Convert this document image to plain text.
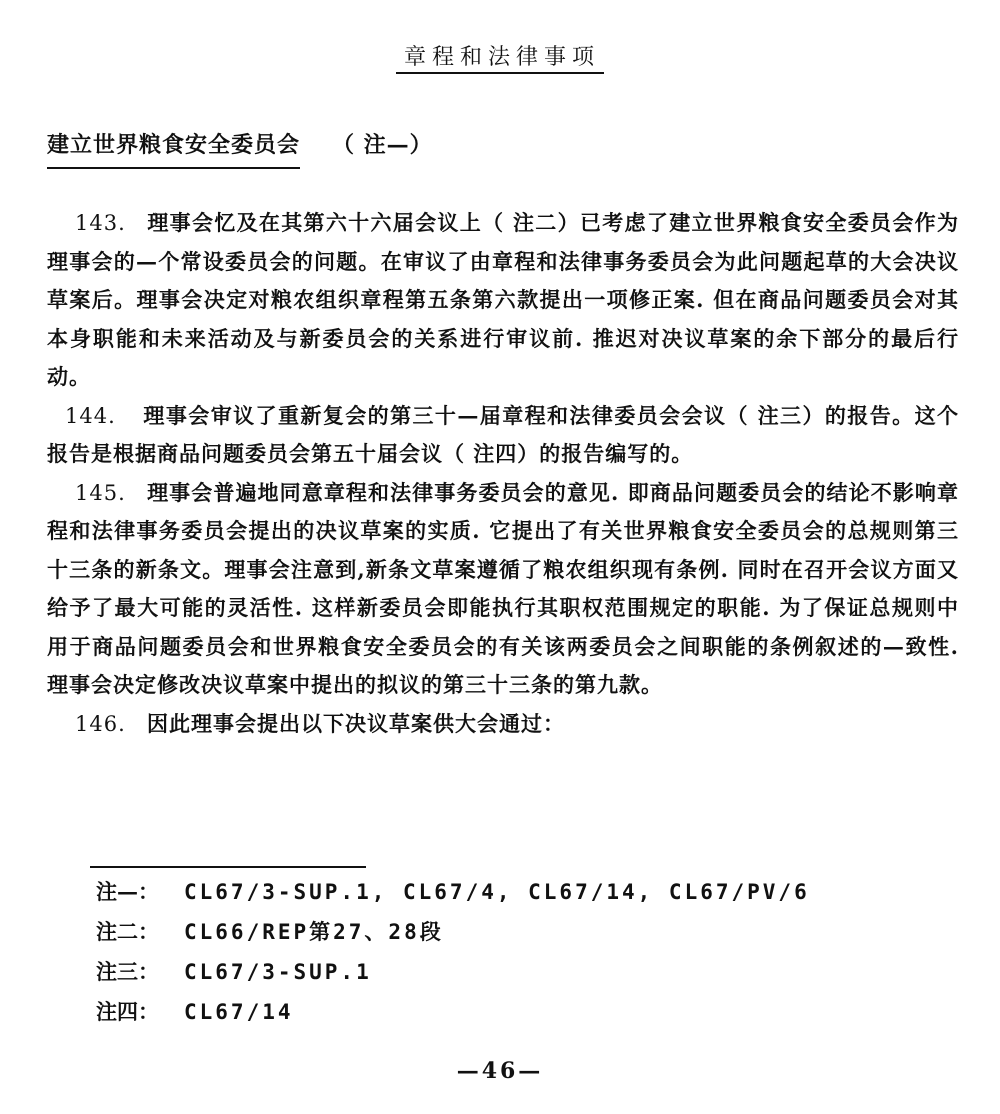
章程和法律事项
建立世界粮食安全委员会 （ 注—）

143. 理事会忆及在其第六十六届会议上（ 注二）已考虑了建立世界粮食安全委员会作为理事会的—个常设委员会的问题。在审议了由章程和法律事务委员会为此问题起草的大会决议草案后。理事会决定对粮农组织章程第五条第六款提出一项修正案. 但在商品问题委员会对其本身职能和未来活动及与新委员会的关系进行审议前. 推迟对决议草案的余下部分的最后行动。

144. 理事会审议了重新复会的第三十—届章程和法律委员会会议（ 注三）的报告。这个报告是根据商品问题委员会第五十届会议（ 注四）的报告编写的。

145. 理事会普遍地同意章程和法律事务委员会的意见. 即商品问题委员会的结论不影响章程和法律事务委员会提出的决议草案的实质. 它提出了有关世界粮食安全委员会的总规则第三十三条的新条文。理事会注意到,新条文草案遵循了粮农组织现有条例. 同时在召开会议方面又给予了最大可能的灵活性. 这样新委员会即能执行其职权范围规定的职能. 为了保证总规则中用于商品问题委员会和世界粮食安全委员会的有关该两委员会之间职能的条例叙述的—致性. 理事会决定修改决议草案中提出的拟议的第三十三条的第九款。

146. 因此理事会提出以下决议草案供大会通过：

注—： CL67/3-SUP.1, CL67/4, CL67/14, CL67/PV/6
注二： CL66/REP第27、28段
注三： CL67/3-SUP.1
注四： CL67/14
—46—
